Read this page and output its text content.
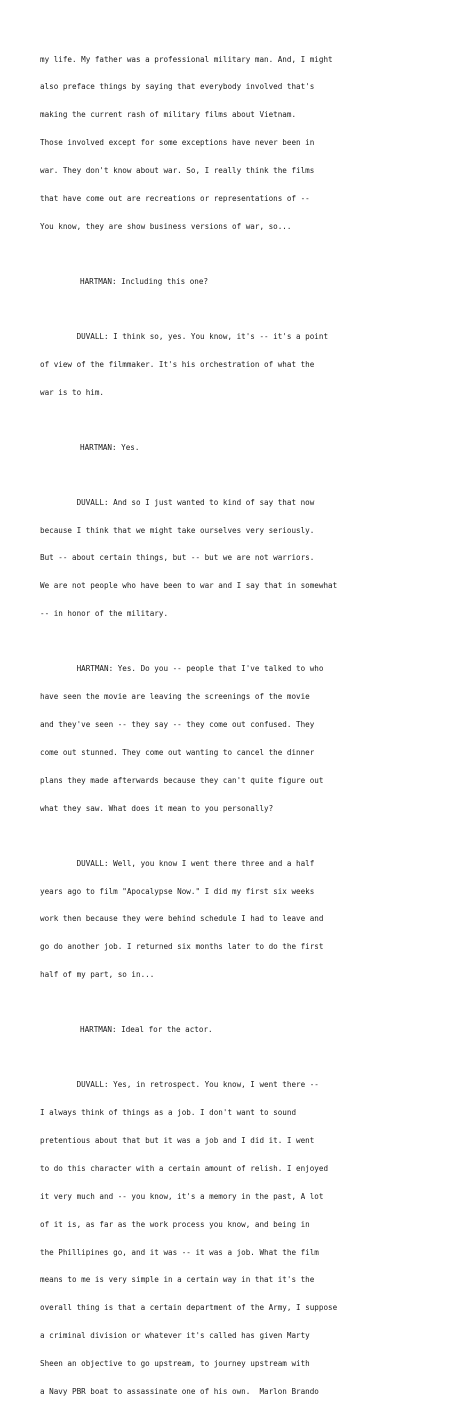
my life. My father was a professional military man. And, I might

also preface things by saying that everybody involved that's

making the current rash of military films about Vietnam.

Those involved except for some exceptions have never been in

war. They don't know about war. So, I really think the films

that have come out are recreations or representations of --

You know, they are show business versions of war, so...

HARTMAN: Including this one?

DUVALL: I think so, yes. You know, it's -- it's a point

of view of the filmmaker. It's his orchestration of what the

war is to him.

HARTMAN: Yes.

DUVALL: And so I just wanted to kind of say that now

because I think that we might take ourselves very seriously.

But -- about certain things, but -- but we are not warriors.

We are not people who have been to war and I say that in somewhat

-- in honor of the military.

HARTMAN: Yes. Do you -- people that I've talked to who

have seen the movie are leaving the screenings of the movie

and they've seen -- they say -- they come out confused. They

come out stunned. They come out wanting to cancel the dinner

plans they made afterwards because they can't quite figure out

what they saw. What does it mean to you personally?

DUVALL: Well, you know I went there three and a half

years ago to film "Apocalypse Now." I did my first six weeks

work then because they were behind schedule I had to leave and

go do another job. I returned six months later to do the first

half of my part, so in...

HARTMAN: Ideal for the actor.

DUVALL: Yes, in retrospect. You know, I went there --

I always think of things as a job. I don't want to sound

pretentious about that but it was a job and I did it. I went

to do this character with a certain amount of relish. I enjoyed

it very much and -- you know, it's a memory in the past, A lot

of it is, as far as the work process you know, and being in

the Phillipines go, and it was -- it was a job. What the film

means to me is very simple in a certain way in that it's the

overall thing is that a certain department of the Army, I suppose

a criminal division or whatever it's called has given Marty

Sheen an objective to go upstream, to journey upstream with

a Navy PBR boat to assassinate one of his own.  Marlon Brando
